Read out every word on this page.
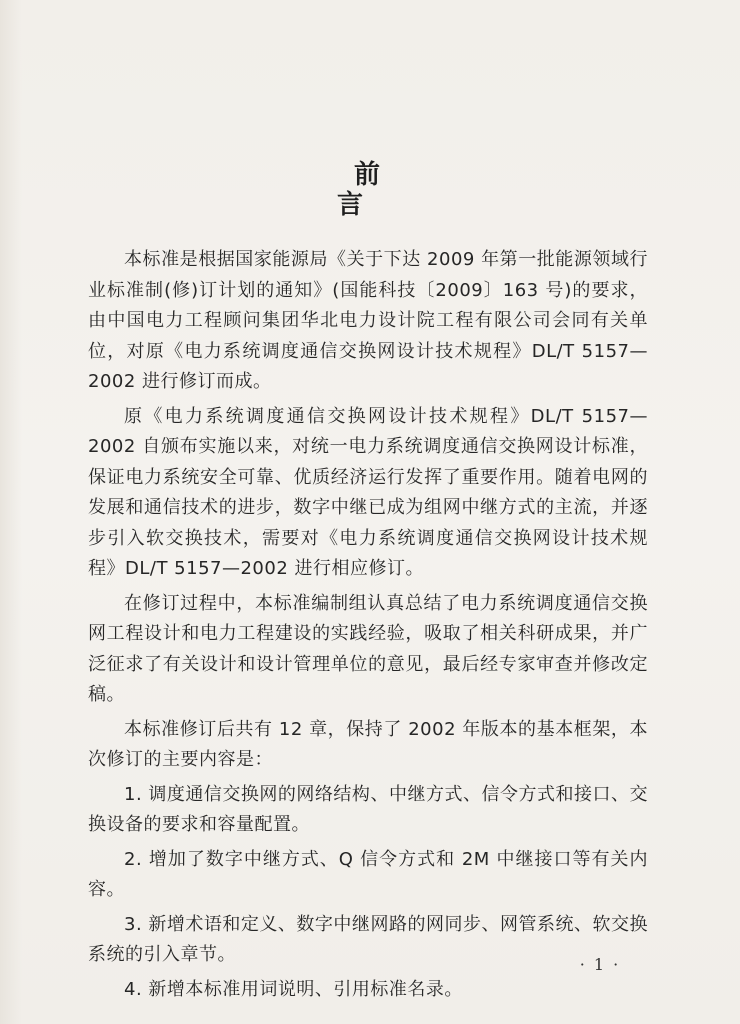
前言

本标准是根据国家能源局《关于下达 2009 年第一批能源领域行业标准制(修)订计划的通知》(国能科技〔2009〕163 号)的要求，由中国电力工程顾问集团华北电力设计院工程有限公司会同有关单位，对原《电力系统调度通信交换网设计技术规程》DL/T 5157—2002 进行修订而成。

原《电力系统调度通信交换网设计技术规程》DL/T 5157—2002 自颁布实施以来，对统一电力系统调度通信交换网设计标准，保证电力系统安全可靠、优质经济运行发挥了重要作用。随着电网的发展和通信技术的进步，数字中继已成为组网中继方式的主流，并逐步引入软交换技术，需要对《电力系统调度通信交换网设计技术规程》DL/T 5157—2002 进行相应修订。

在修订过程中，本标准编制组认真总结了电力系统调度通信交换网工程设计和电力工程建设的实践经验，吸取了相关科研成果，并广泛征求了有关设计和设计管理单位的意见，最后经专家审查并修改定稿。

本标准修订后共有 12 章，保持了 2002 年版本的基本框架，本次修订的主要内容是：

1. 调度通信交换网的网络结构、中继方式、信令方式和接口、交换设备的要求和容量配置。

2. 增加了数字中继方式、Q 信令方式和 2M 中继接口等有关内容。

3. 新增术语和定义、数字中继网路的网同步、网管系统、软交换系统的引入章节。

4. 新增本标准用词说明、引用标准名录。

· 1 ·
